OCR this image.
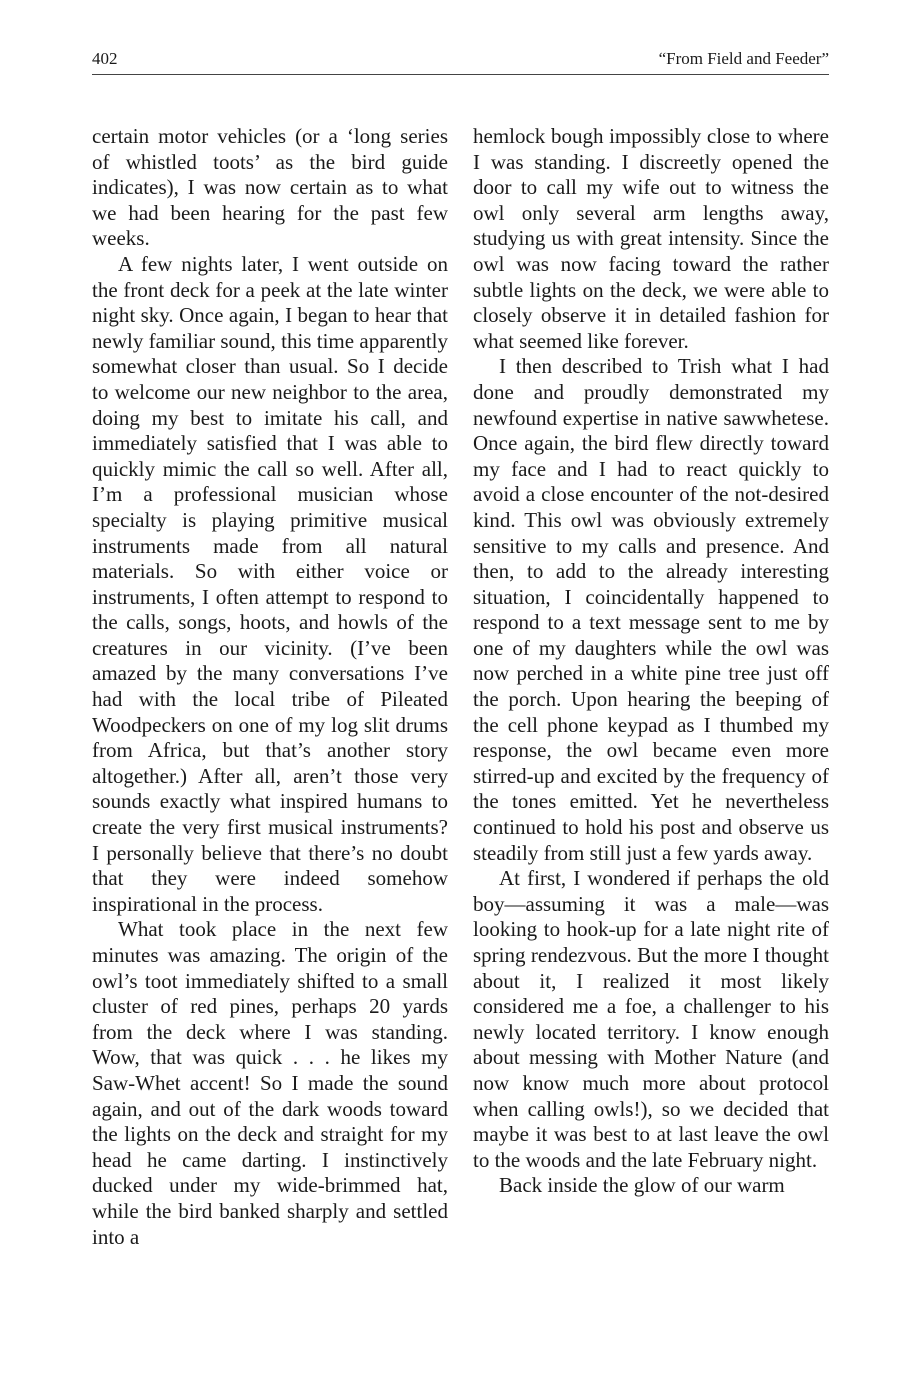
402	“From Field and Feeder”

certain motor vehicles (or a ‘long series of whistled toots’ as the bird guide indicates), I was now certain as to what we had been hearing for the past few weeks.

A few nights later, I went outside on the front deck for a peek at the late winter night sky. Once again, I began to hear that newly familiar sound, this time apparently somewhat closer than usual. So I decide to welcome our new neighbor to the area, doing my best to imitate his call, and immediately satisfied that I was able to quickly mimic the call so well. After all, I’m a professional musician whose specialty is playing primitive musical instruments made from all natural materials. So with either voice or instruments, I often attempt to respond to the calls, songs, hoots, and howls of the creatures in our vicinity. (I’ve been amazed by the many conversations I’ve had with the local tribe of Pileated Woodpeckers on one of my log slit drums from Africa, but that’s another story altogether.) After all, aren’t those very sounds exactly what inspired humans to create the very first musical instruments? I personally believe that there’s no doubt that they were indeed somehow inspirational in the process.

What took place in the next few minutes was amazing. The origin of the owl’s toot immediately shifted to a small cluster of red pines, perhaps 20 yards from the deck where I was standing. Wow, that was quick . . . he likes my Saw-Whet accent! So I made the sound again, and out of the dark woods toward the lights on the deck and straight for my head he came darting. I instinctively ducked under my wide-brimmed hat, while the bird banked sharply and settled into a

hemlock bough impossibly close to where I was standing. I discreetly opened the door to call my wife out to witness the owl only several arm lengths away, studying us with great intensity. Since the owl was now facing toward the rather subtle lights on the deck, we were able to closely observe it in detailed fashion for what seemed like forever.

I then described to Trish what I had done and proudly demonstrated my newfound expertise in native sawwhetese. Once again, the bird flew directly toward my face and I had to react quickly to avoid a close encounter of the not-desired kind. This owl was obviously extremely sensitive to my calls and presence. And then, to add to the already interesting situation, I coincidentally happened to respond to a text message sent to me by one of my daughters while the owl was now perched in a white pine tree just off the porch. Upon hearing the beeping of the cell phone keypad as I thumbed my response, the owl became even more stirred-up and excited by the frequency of the tones emitted. Yet he nevertheless continued to hold his post and observe us steadily from still just a few yards away.

At first, I wondered if perhaps the old boy—assuming it was a male—was looking to hook-up for a late night rite of spring rendezvous. But the more I thought about it, I realized it most likely considered me a foe, a challenger to his newly located territory. I know enough about messing with Mother Nature (and now know much more about protocol when calling owls!), so we decided that maybe it was best to at last leave the owl to the woods and the late February night.

Back inside the glow of our warm
